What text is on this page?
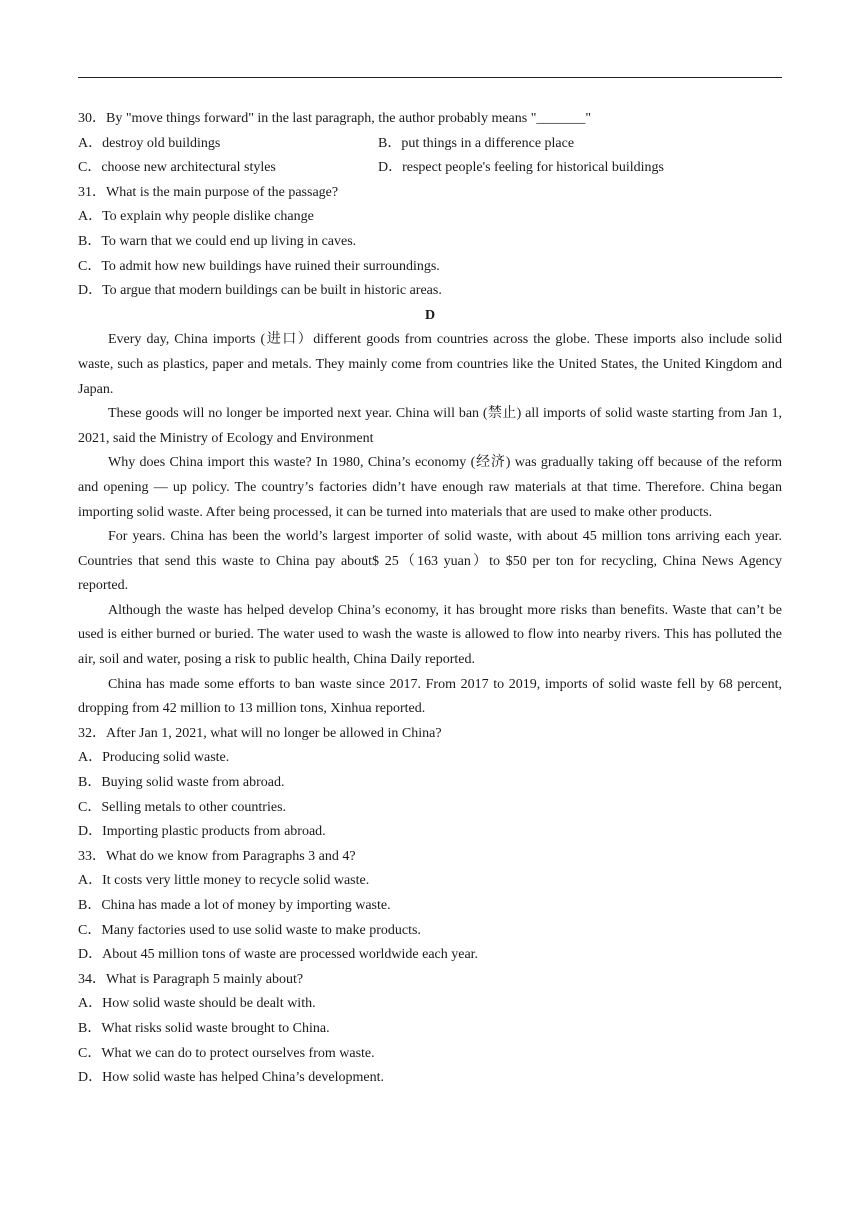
30．By "move things forward" in the last paragraph, the author probably means "_______"
A．destroy old buildings	B．put things in a difference place
C．choose new architectural styles	D．respect people's feeling for historical buildings
31．What is the main purpose of the passage?
A．To explain why people dislike change
B．To warn that we could end up living in caves.
C．To admit how new buildings have ruined their surroundings.
D．To argue that modern buildings can be built in historic areas.
D

Every day, China imports (进口）different goods from countries across the globe. These imports also include solid waste, such as plastics, paper and metals. They mainly come from countries like the United States, the United Kingdom and Japan.

These goods will no longer be imported next year. China will ban (禁止) all imports of solid waste starting from Jan 1, 2021, said the Ministry of Ecology and Environment

Why does China import this waste? In 1980, China’s economy (经济) was gradually taking off because of the reform and opening — up policy. The country’s factories didn’t have enough raw materials at that time. Therefore. China began importing solid waste. After being processed, it can be turned into materials that are used to make other products.

For years. China has been the world’s largest importer of solid waste, with about 45 million tons arriving each year. Countries that send this waste to China pay about$ 25（163 yuan）to $50 per ton for recycling, China News Agency reported.

Although the waste has helped develop China’s economy, it has brought more risks than benefits. Waste that can’t be used is either burned or buried. The water used to wash the waste is allowed to flow into nearby rivers. This has polluted the air, soil and water, posing a risk to public health, China Daily reported.

China has made some efforts to ban waste since 2017. From 2017 to 2019, imports of solid waste fell by 68 percent, dropping from 42 million to 13 million tons, Xinhua reported.

32．After Jan 1, 2021, what will no longer be allowed in China?
A．Producing solid waste.
B．Buying solid waste from abroad.
C．Selling metals to other countries.
D．Importing plastic products from abroad.
33．What do we know from Paragraphs 3 and 4?
A．It costs very little money to recycle solid waste.
B．China has made a lot of money by importing waste.
C．Many factories used to use solid waste to make products.
D．About 45 million tons of waste are processed worldwide each year.
34．What is Paragraph 5 mainly about?
A．How solid waste should be dealt with.
B．What risks solid waste brought to China.
C．What we can do to protect ourselves from waste.
D．How solid waste has helped China’s development.
